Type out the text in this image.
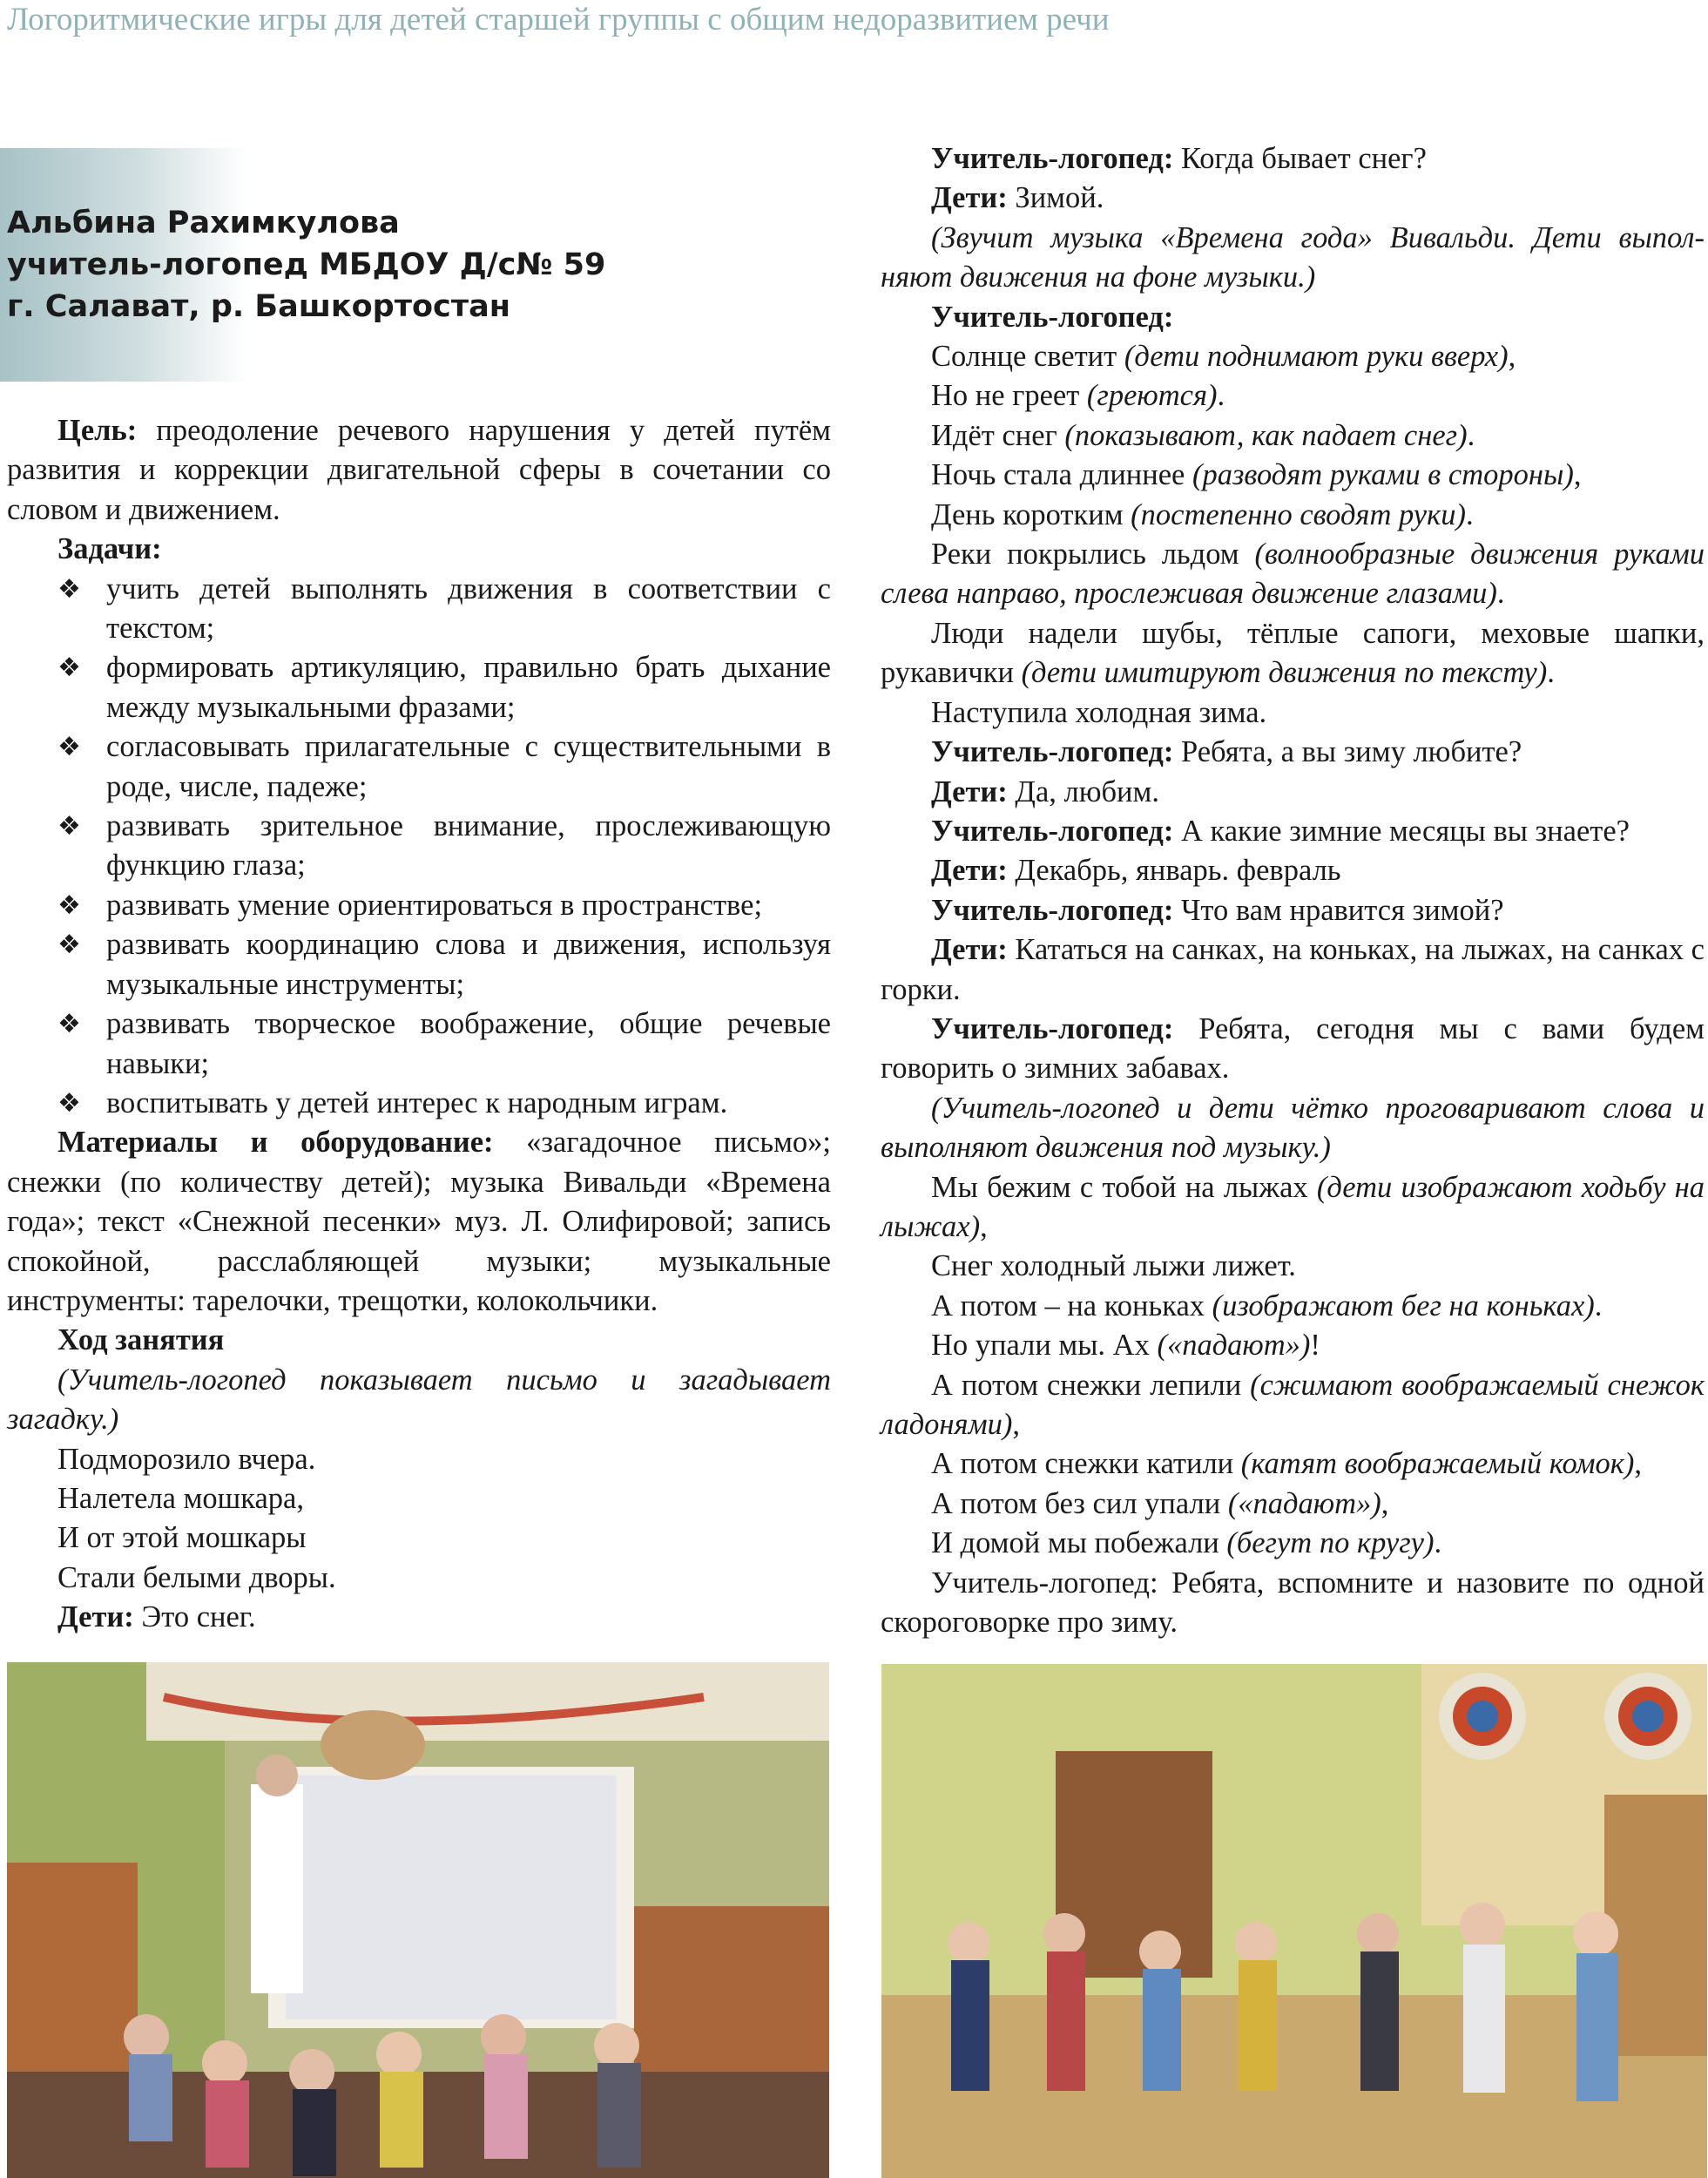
Логоритмические игры для детей старшей группы с общим недоразвитием речи
Альбина Рахимкулова
учитель-логопед МБДОУ Д/с№ 59
г. Салават, р. Башкортостан

Цель: преодоление речевого нарушения у детей путём развития и коррекции двигательной сферы в сочетании со словом и движением.

Задачи:

❖ учить детей выполнять движения в соответствии с текстом;
❖ формировать артикуляцию, правильно брать дыхание между музыкальными фразами;
❖ согласовывать прилагательные с существительными в роде, числе, падеже;
❖ развивать зрительное внимание, прослеживающую функцию глаза;
❖ развивать умение ориентироваться в пространстве;
❖ развивать координацию слова и движения, используя музыкальные инструменты;
❖ развивать творческое воображение, общие речевые навыки;
❖ воспитывать у детей интерес к народным играм.

Материалы и оборудование: «загадочное письмо»; снежки (по количеству детей); музыка Вивальди «Времена года»; текст «Снежной песенки» муз. Л. Олифировой; запись спокойной, расслабляющей музыки; музыкальные инструменты: тарелочки, трещотки, колокольчики.

Ход занятия

(Учитель-логопед показывает письмо и загадывает загадку.)

Подморозило вчера.

Налетела мошкара,

И от этой мошкары

Стали белыми дворы.

Дети: Это снег.

Учитель-логопед: Когда бывает снег?

Дети: Зимой.

(Звучит музыка «Времена года» Вивальди. Дети выполняют движения на фоне музыки.)

Учитель-логопед:

Солнце светит (дети поднимают руки вверх),

Но не греет (греются).

Идёт снег (показывают, как падает снег).

Ночь стала длиннее (разводят руками в стороны),

День коротким (постепенно сводят руки).

Реки покрылись льдом (волнообразные движения руками слева направо, прослеживая движение глазами).

Люди надели шубы, тёплые сапоги, меховые шапки, рукавички (дети имитируют движения по тексту).

Наступила холодная зима.

Учитель-логопед: Ребята, а вы зиму любите?

Дети: Да, любим.

Учитель-логопед: А какие зимние месяцы вы знаете?

Дети: Декабрь, январь. февраль

Учитель-логопед: Что вам нравится зимой?

Дети: Кататься на санках, на коньках, на лыжах, на санках с горки.

Учитель-логопед: Ребята, сегодня мы с вами будем говорить о зимних забавах.

(Учитель-логопед и дети чётко проговаривают слова и выполняют движения под музыку.)

Мы бежим с тобой на лыжах (дети изображают ходьбу на лыжах),

Снег холодный лыжи лижет.

А потом – на коньках (изображают бег на коньках).

Но упали мы. Ах («падают»)!

А потом снежки лепили (сжимают воображаемый снежок ладонями),

А потом снежки катили (катят воображаемый комок),

А потом без сил упали («падают»),

И домой мы побежали (бегут по кругу).

Учитель-логопед: Ребята, вспомните и назовите по одной скороговорке про зиму.
